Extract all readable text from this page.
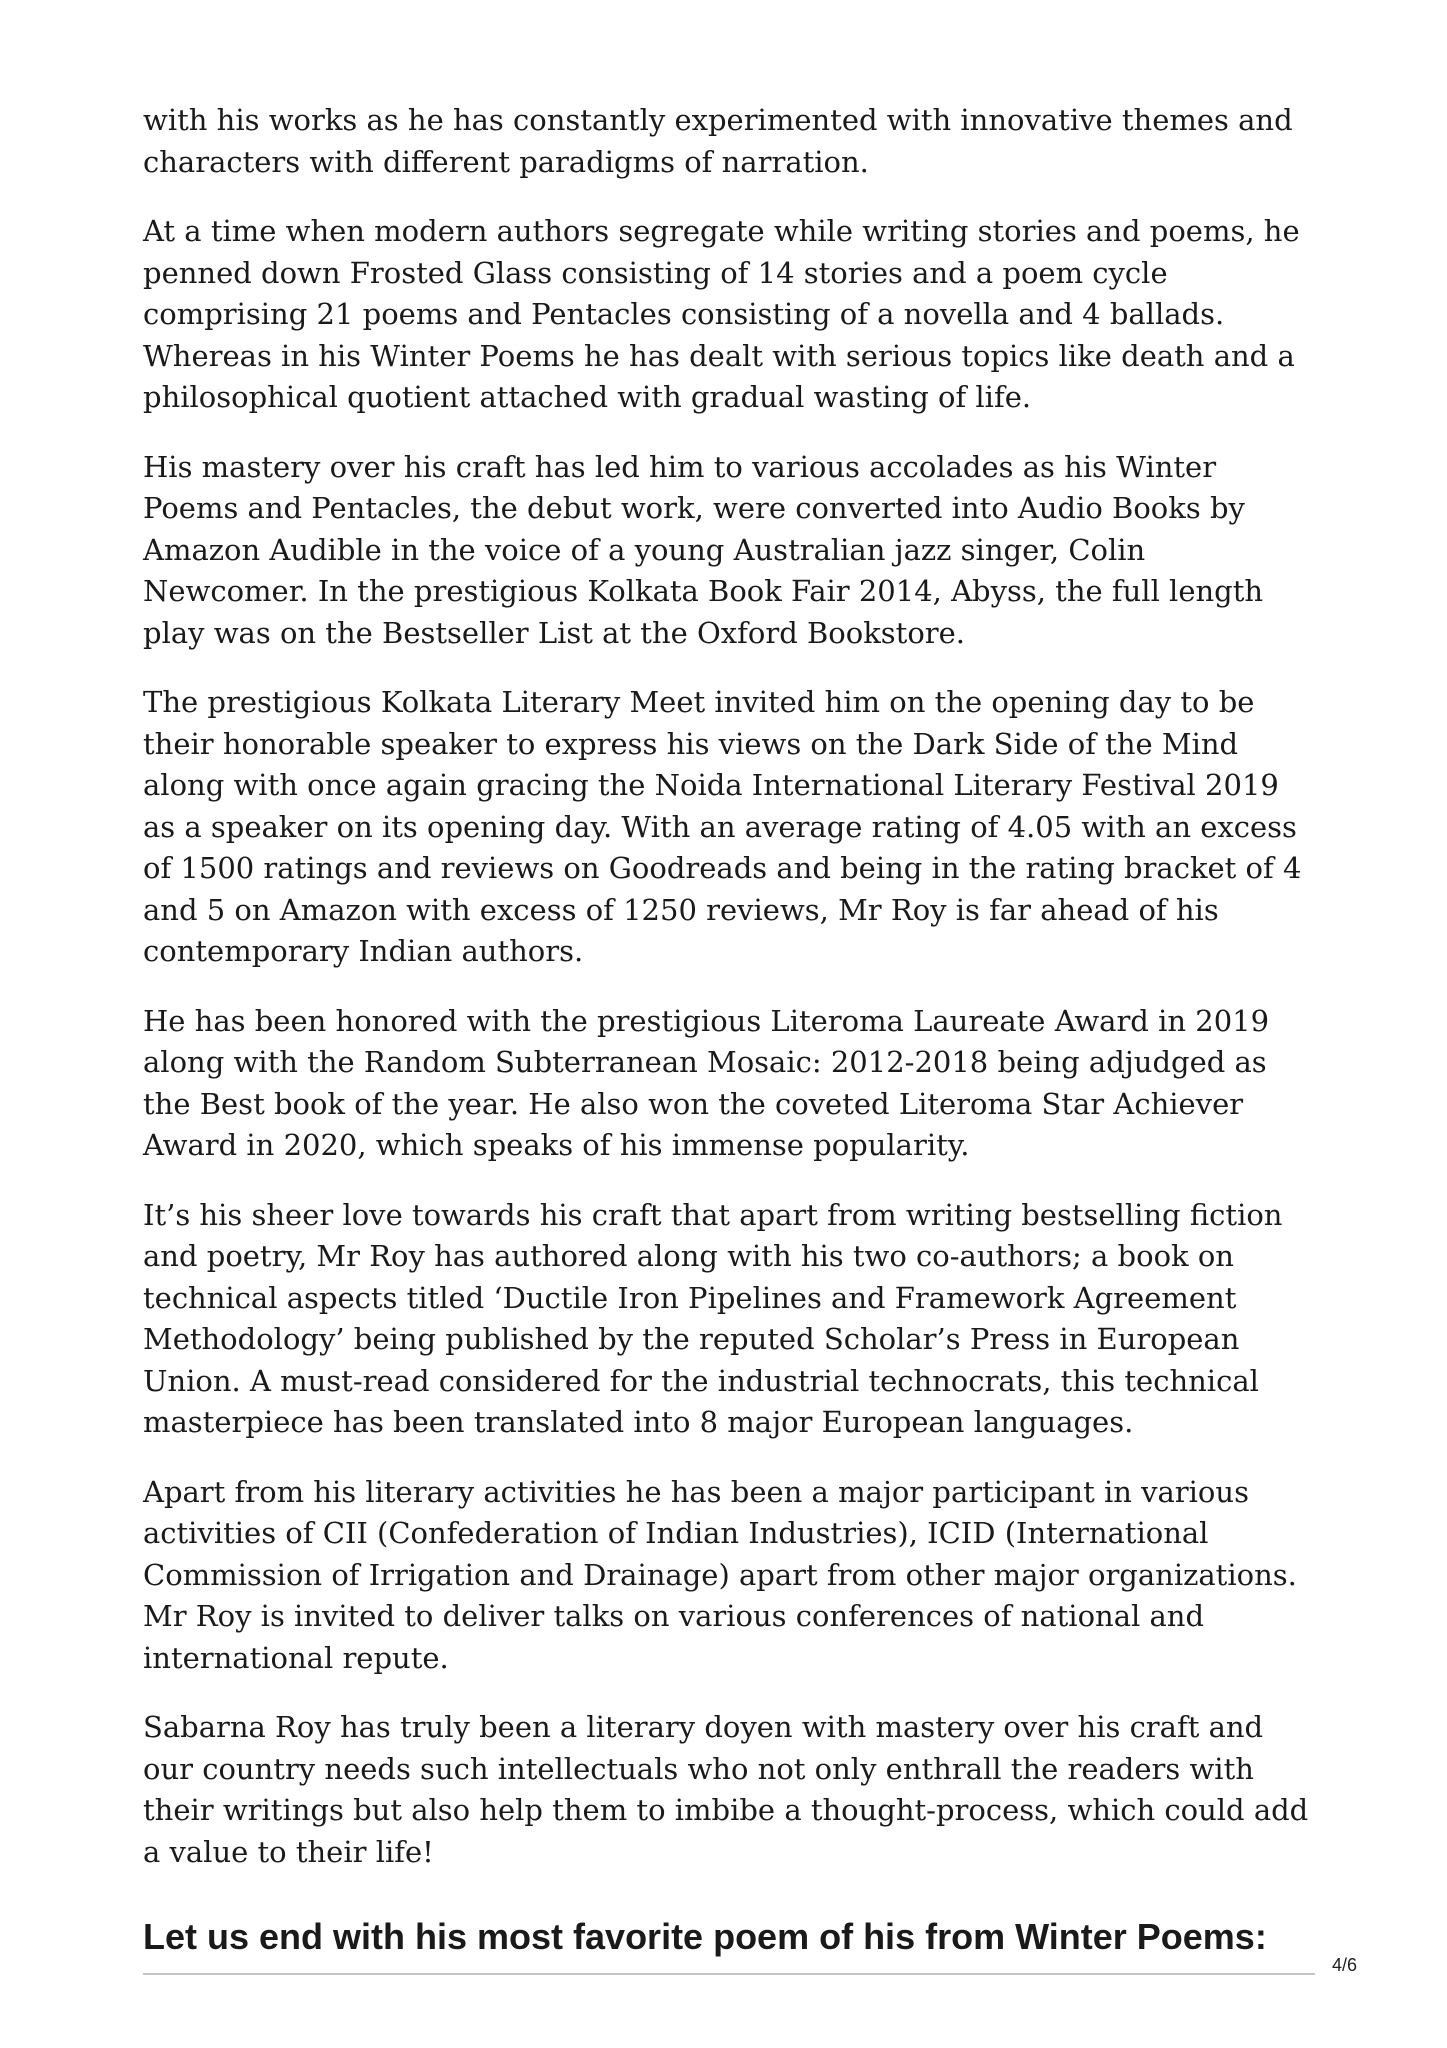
with his works as he has constantly experimented with innovative themes and characters with different paradigms of narration.

At a time when modern authors segregate while writing stories and poems, he penned down Frosted Glass consisting of 14 stories and a poem cycle comprising 21 poems and Pentacles consisting of a novella and 4 ballads. Whereas in his Winter Poems he has dealt with serious topics like death and a philosophical quotient attached with gradual wasting of life.

His mastery over his craft has led him to various accolades as his Winter Poems and Pentacles, the debut work, were converted into Audio Books by Amazon Audible in the voice of a young Australian jazz singer, Colin Newcomer. In the prestigious Kolkata Book Fair 2014, Abyss, the full length play was on the Bestseller List at the Oxford Bookstore.

The prestigious Kolkata Literary Meet invited him on the opening day to be their honorable speaker to express his views on the Dark Side of the Mind along with once again gracing the Noida International Literary Festival 2019 as a speaker on its opening day. With an average rating of 4.05 with an excess of 1500 ratings and reviews on Goodreads and being in the rating bracket of 4 and 5 on Amazon with excess of 1250 reviews, Mr Roy is far ahead of his contemporary Indian authors.

He has been honored with the prestigious Literoma Laureate Award in 2019 along with the Random Subterranean Mosaic: 2012-2018 being adjudged as the Best book of the year. He also won the coveted Literoma Star Achiever Award in 2020, which speaks of his immense popularity.

It’s his sheer love towards his craft that apart from writing bestselling fiction and poetry, Mr Roy has authored along with his two co-authors; a book on technical aspects titled ‘Ductile Iron Pipelines and Framework Agreement Methodology’ being published by the reputed Scholar’s Press in European Union. A must-read considered for the industrial technocrats, this technical masterpiece has been translated into 8 major European languages.

Apart from his literary activities he has been a major participant in various activities of CII (Confederation of Indian Industries), ICID (International Commission of Irrigation and Drainage) apart from other major organizations. Mr Roy is invited to deliver talks on various conferences of national and international repute.

Sabarna Roy has truly been a literary doyen with mastery over his craft and our country needs such intellectuals who not only enthrall the readers with their writings but also help them to imbibe a thought-process, which could add a value to their life!

Let us end with his most favorite poem of his from Winter Poems:
4/6
